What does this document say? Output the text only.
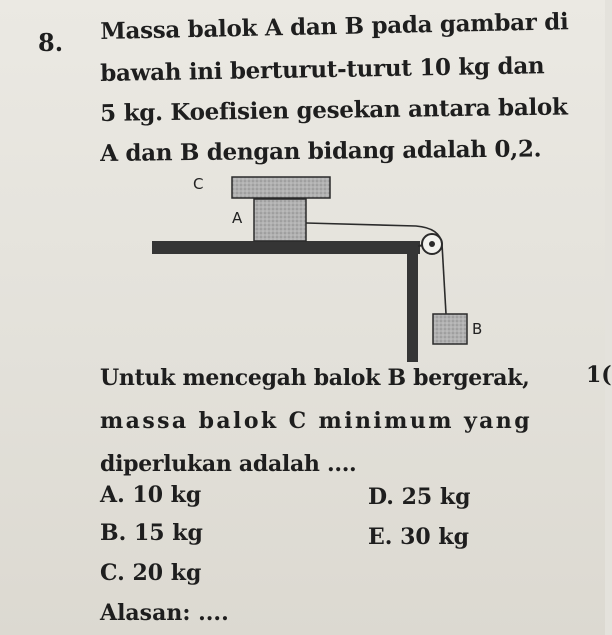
8. Massa balok A dan B pada gambar di
bawah ini berturut-turut 10 kg dan
5 kg. Koefisien gesekan antara balok
A dan B dengan bidang adalah 0,2.
C
A
B
Untuk mencegah balok B bergerak,
massa balok C minimum yang
diperlukan adalah ....
1(
A. 10 kg
B. 15 kg
C. 20 kg
D. 25 kg
E. 30 kg
Alasan: ....
